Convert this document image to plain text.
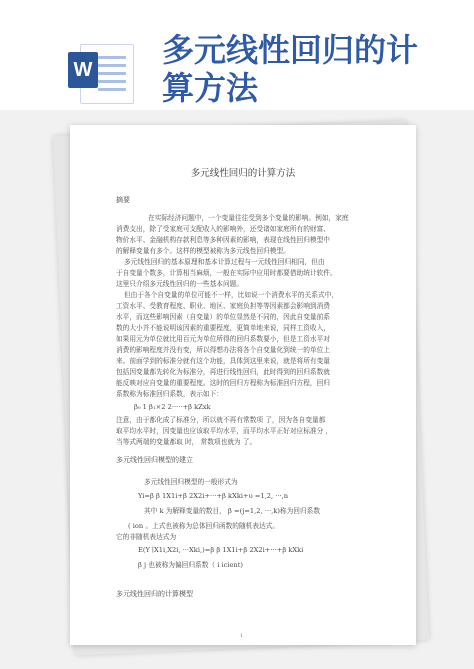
W
多元线性回归的计
算方法
多元线性回归的计算方法
摘要
在实际经济问题中，一个变量往往受到多个变量的影响。例如，家庭
消费支出，除了受家庭可支配收入的影响外，还受诸如家庭所有的财富、
物价水平、金融机构存款利息等多种因素的影响，表现在线性回归模型中
的解释变量有多个。这样的模型被称为多元线性回归模型。
多元线性回归的基本原理和基本计算过程与一元线性回归相同，但由
于自变量个数多，计算相当麻烦，一般在实际中应用时都要借助统计软件。
这里只介绍多元线性回归的一些基本问题。
但由于各个自变量的单位可能不一样，比如说一个消费水平的关系式中，
工资水平、受教育程度、职业、地区、家庭负担等等因素都会影响到消费
水平，而这些影响因素（自变量）的单位显然是不同的，因此自变量前系
数的大小并不能说明该因素的重要程度，更简单地来说，同样工资收入，
如果用元为单位就比用百元为单位所得的回归系数要小，但是工资水平对
消费的影响程度并没有变，所以得想办法将各个自变量化到统一的单位上
来。前面学到的标准分就有这个功能，具体到这里来说，就是将所有变量
包括因变量都先转化为标准分，再进行线性回归，此时得到的回归系数就
能反映对应自变量的重要程度。这时的回归方程称为标准回归方程，回归
系数称为标准回归系数，表示如下：
β₀ 1 β₁×2 2·····+β kZxk
注意，由于都化成了标准分，所以就不再有常数项 了，因为各自变量都
取平均水平时，因变量也应该取平均水平，而平均水平正好对应标准分 ，
当等式两端的变量都取 时， 常数项也就为 了。
多元线性回归模型的建立
多元线性回归模型的一般形式为
Yi=β β 1X1i+β 2X2i+···+β kXki+υ =1,2, ···,n
其中 k 为解释变量的数目， β =(j=1,2, ···,k)称为回归系数
( ion 。上式也被称为总体回归函数的随机表达式。
它的非随机表达式为
E(Y ∣X1i,X2i, ···Xki,)=β β 1X1i+β 2X2i+···+β kXki
β j 也被称为偏回归系数（ i icient)
多元线性回归的计算模型
1
